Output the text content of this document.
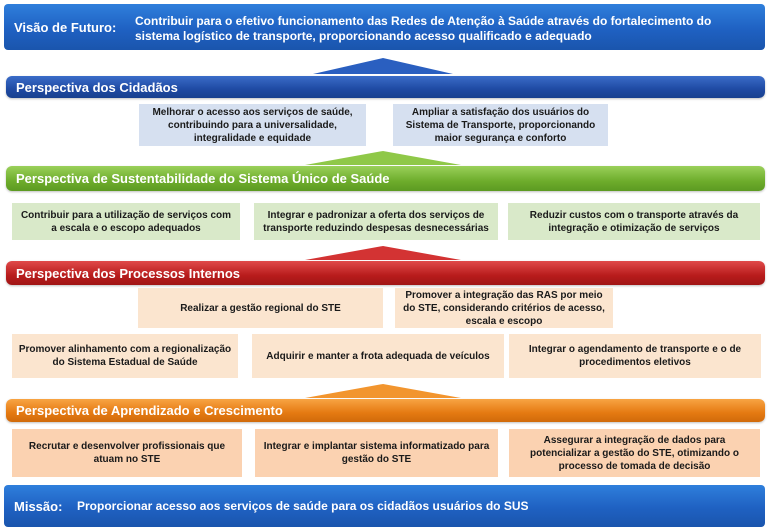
Visão de Futuro: Contribuir para o efetivo funcionamento das Redes de Atenção à Saúde através do fortalecimento do sistema logístico de transporte, proporcionando acesso qualificado e adequado
Perspectiva dos Cidadãos
Melhorar o acesso aos serviços de saúde, contribuindo para a universalidade, integralidade e equidade
Ampliar a satisfação dos usuários do Sistema de Transporte, proporcionando maior segurança e conforto
Perspectiva de Sustentabilidade do Sistema Único de Saúde
Contribuir para a utilização de serviços com a escala e o escopo adequados
Integrar e padronizar a oferta dos serviços de transporte reduzindo despesas desnecessárias
Reduzir custos com o transporte através da integração e otimização de serviços
Perspectiva dos Processos Internos
Realizar a gestão regional do STE
Promover a integração das RAS por meio do STE, considerando critérios de acesso, escala e escopo
Promover alinhamento com a regionalização do Sistema Estadual de Saúde
Adquirir e manter a frota adequada de veículos
Integrar o agendamento de transporte e o de procedimentos eletivos
Perspectiva de Aprendizado e Crescimento
Recrutar e desenvolver profissionais que atuam no STE
Integrar e implantar sistema informatizado para gestão do STE
Assegurar a integração de dados para potencializar a gestão do STE, otimizando o processo de tomada de decisão
Missão: Proporcionar acesso aos serviços de saúde para os cidadãos usuários do SUS
